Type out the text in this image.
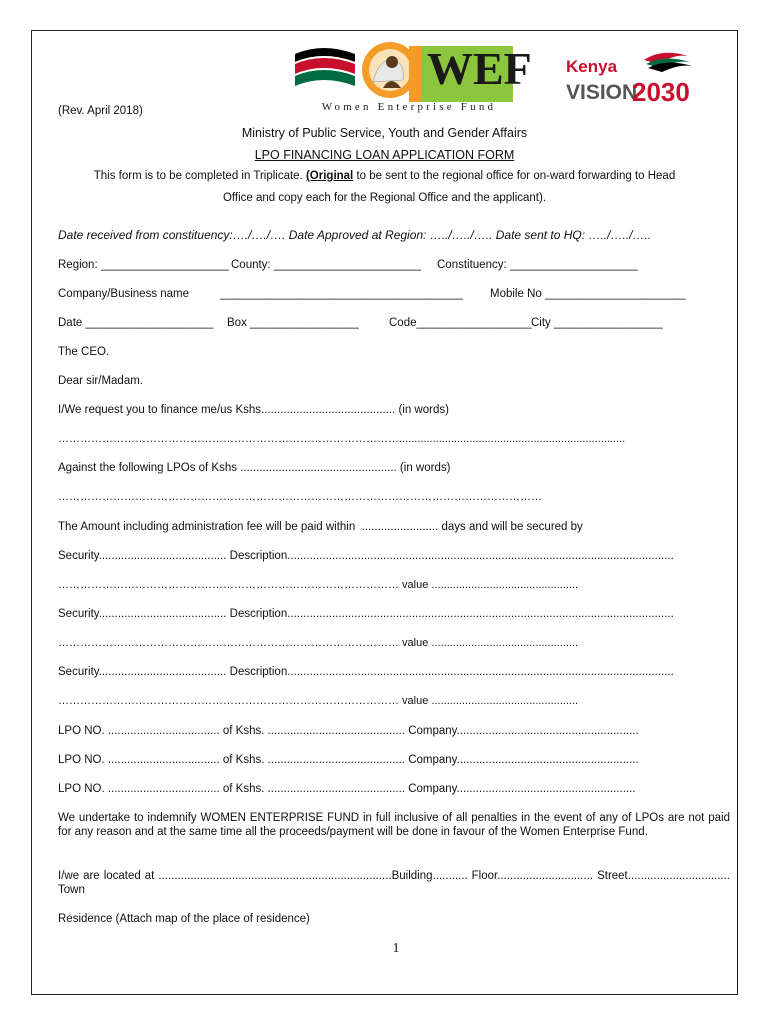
WEF
Women Enterprise Fund
Kenya
VISION
2030
(Rev. April 2018)
Ministry of Public Service, Youth and Gender Affairs
LPO FINANCING LOAN APPLICATION FORM
This form is to be completed in Triplicate. (Original to be sent to the regional office for on-ward forwarding to Head
Office and copy each for the Regional Office and the applicant).
Date received from constituency:…./…./…. Date Approved at Region: …../…../….. Date sent to HQ: …../…../…..
Region: ____________________ County: _______________________ Constituency: ____________________
Company/Business name	______________________________________ Mobile No ______________________
Date ____________________ Box _________________	Code__________________ City _________________
The CEO.
Dear sir/Madam.
I/We request you to finance me/us Kshs.......................................... (in words)
…………………………………………………………………………………..........................................................................
Against the following LPOs of Kshs ................................................. (in words)
……………………………………………………………………………………………………………………
The Amount including administration fee will be paid within  ........................ days and will be secured by
Security........................................ Description.........................................................................................................................
………………………………………………………………………………… value ................................................
Security........................................ Description.........................................................................................................................
………………………………………………………………………………… value ................................................
Security........................................ Description.........................................................................................................................
………………………………………………………………………………… value ................................................
LPO NO. ................................... of Kshs. ........................................... Company.........................................................
LPO NO. ................................... of Kshs. ........................................... Company.........................................................
LPO NO. ................................... of Kshs. ........................................... Company........................................................
We undertake to indemnify WOMEN ENTERPRISE FUND in full inclusive of all penalties in the event of any of LPOs are not paid for any reason and at the same time all the proceeds/payment will be done in favour of the Women Enterprise Fund.
I/we are located at .........................................................................Building........... Floor.............................. Street................................ Town
Residence (Attach map of the place of residence)
1
